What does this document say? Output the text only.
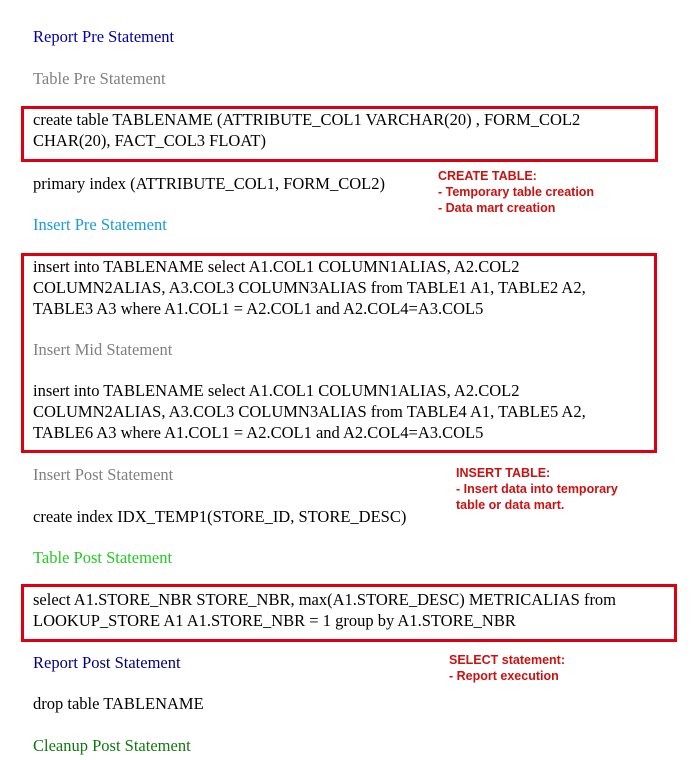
Report Pre Statement
Table Pre Statement
create table TABLENAME (ATTRIBUTE_COL1 VARCHAR(20) , FORM_COL2
CHAR(20), FACT_COL3 FLOAT)
primary index (ATTRIBUTE_COL1, FORM_COL2)	CREATE TABLE:
- Temporary table creation
- Data mart creation
Insert Pre Statement
insert into TABLENAME select A1.COL1 COLUMN1ALIAS, A2.COL2
COLUMN2ALIAS, A3.COL3 COLUMN3ALIAS from TABLE1 A1, TABLE2 A2,
TABLE3 A3 where A1.COL1 = A2.COL1 and A2.COL4=A3.COL5
Insert Mid Statement
insert into TABLENAME select A1.COL1 COLUMN1ALIAS, A2.COL2
COLUMN2ALIAS, A3.COL3 COLUMN3ALIAS from TABLE4 A1, TABLE5 A2,
TABLE6 A3 where A1.COL1 = A2.COL1 and A2.COL4=A3.COL5
Insert Post Statement	INSERT TABLE:
- Insert data into temporary
table or data mart.
create index IDX_TEMP1(STORE_ID, STORE_DESC)
Table Post Statement
select A1.STORE_NBR STORE_NBR, max(A1.STORE_DESC) METRICALIAS from
LOOKUP_STORE A1 A1.STORE_NBR = 1 group by A1.STORE_NBR
Report Post Statement	SELECT statement:
- Report execution
drop table TABLENAME
Cleanup Post Statement
